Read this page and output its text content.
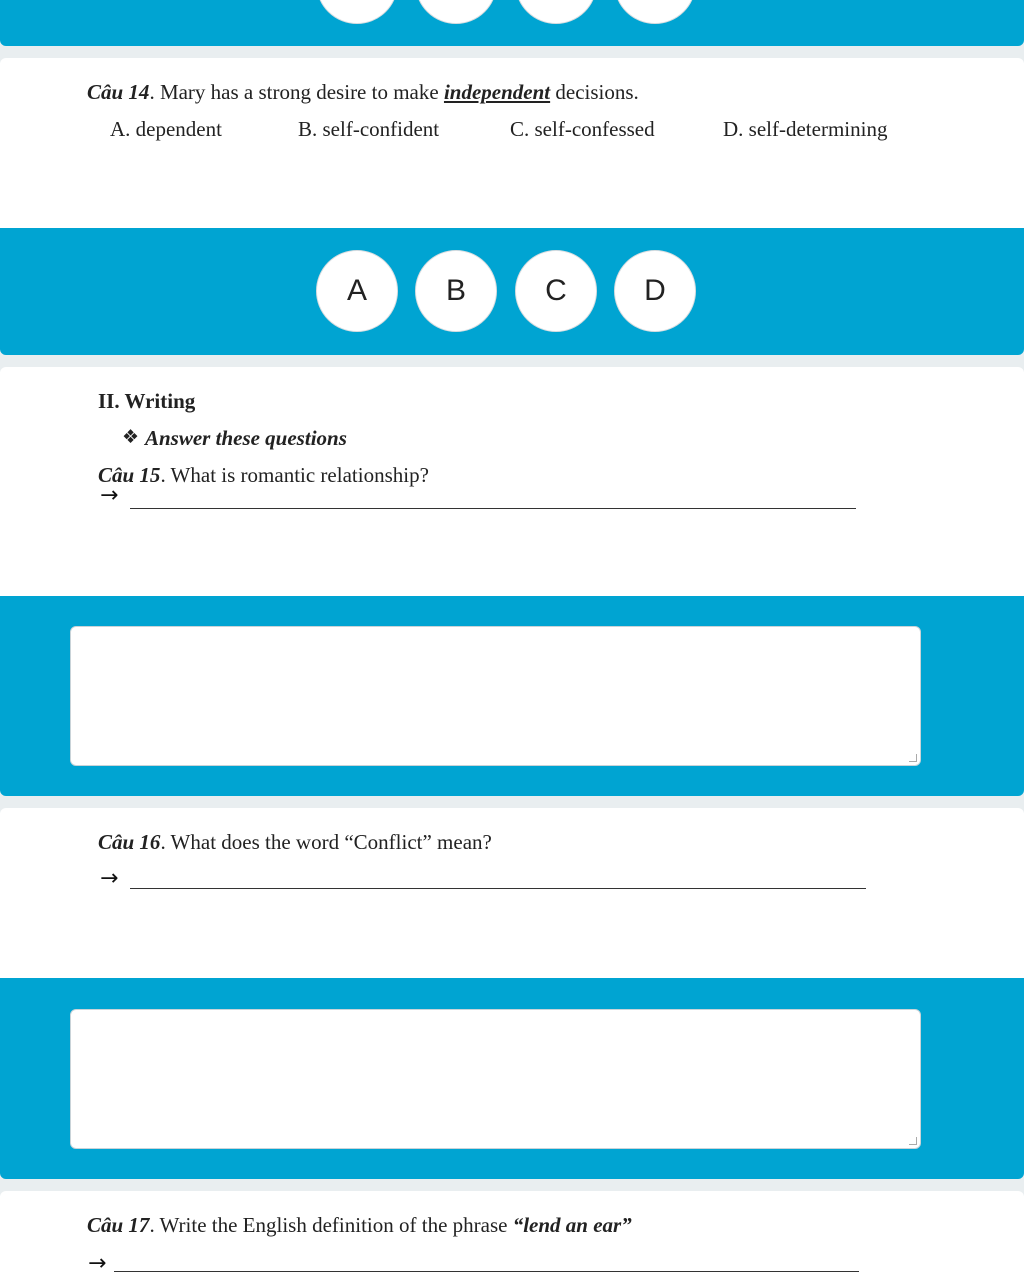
Câu 14. Mary has a strong desire to make independent decisions.
A. dependent	B. self-confident	C. self-confessed	D. self-determining
A	B	C	D
II. Writing
❖ Answer these questions
Câu 15. What is romantic relationship?
→
Câu 16. What does the word “Conflict” mean?
→
Câu 17. Write the English definition of the phrase “lend an ear”
→
